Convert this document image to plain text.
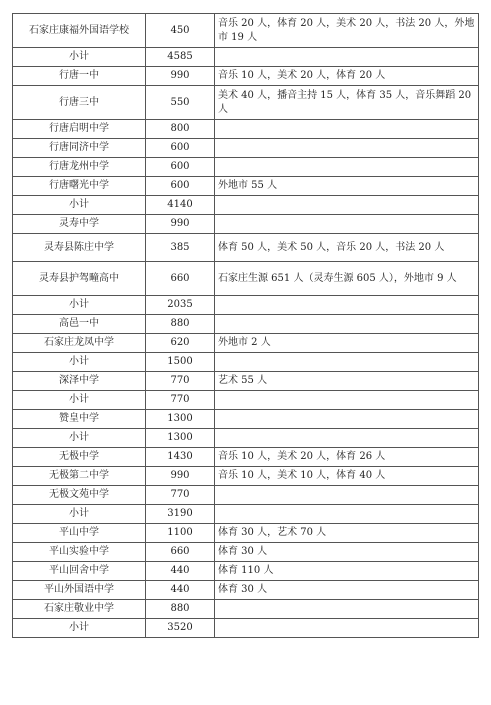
石家庄康福外国语学校	450	音乐 20 人，体育 20 人，美术 20 人，书法 20 人，外地市 19 人
小计	4585	
行唐一中	990	音乐 10 人，美术 20 人，体育 20 人
行唐三中	550	美术 40 人，播音主持 15 人，体育 35 人，音乐舞蹈 20 人
行唐启明中学	800	
行唐同济中学	600	
行唐龙州中学	600	
行唐曙光中学	600	外地市 55 人
小计	4140	
灵寿中学	990	
灵寿县陈庄中学	385	体育 50 人，美术 50 人，音乐 20 人，书法 20 人
灵寿县护驾疃高中	660	石家庄生源 651 人（灵寿生源 605 人），外地市 9 人
小计	2035	
高邑一中	880	
石家庄龙凤中学	620	外地市 2 人
小计	1500	
深泽中学	770	艺术 55 人
小计	770	
赞皇中学	1300	
小计	1300	
无极中学	1430	音乐 10 人，美术 20 人，体育 26 人
无极第二中学	990	音乐 10 人，美术 10 人，体育 40 人
无极文苑中学	770	
小计	3190	
平山中学	1100	体育 30 人，艺术 70 人
平山实验中学	660	体育 30 人
平山回舍中学	440	体育 110 人
平山外国语中学	440	体育 30 人
石家庄敬业中学	880	
小计	3520	
